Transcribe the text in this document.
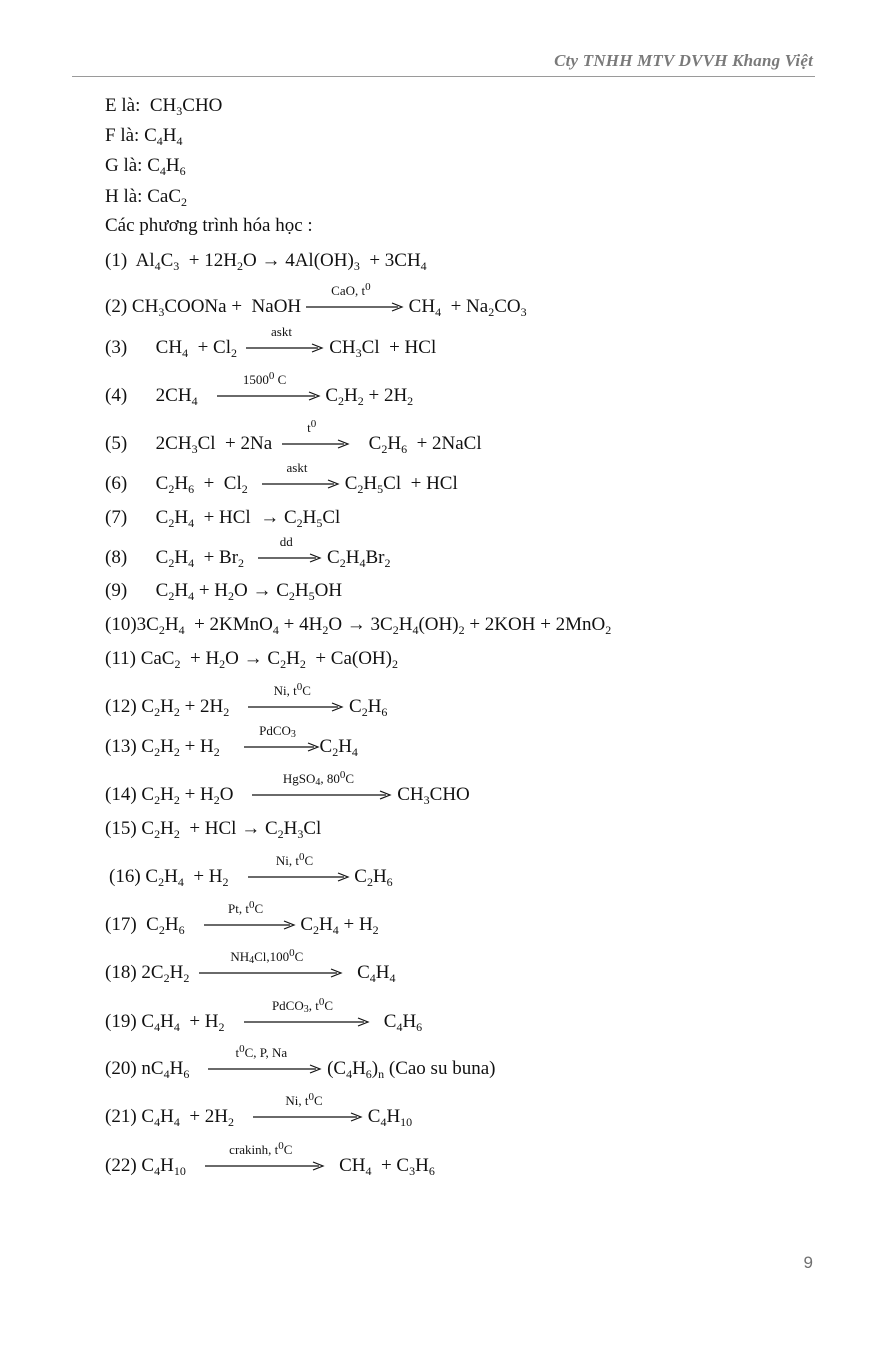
Cty TNHH MTV DVVH Khang Việt
E là:  $CH_3CHO$
F là: $C_4H_4$
G là: $C_4H_6$
H là: CaC$_2$
Các phương trình hóa học :
(1)  $Al_4C_3 + 12H_2O \to 4Al(OH)_3 + 3CH_4$
(2) $CH_3COONa$ +  NaOH
CaO, $t^0$
$CH_4 + Na_2CO_3$
(3)      $CH_4 + Cl_2$
askt
$CH_3Cl$  + HCl
(4)      $2CH_4$
1500$^0$ C
$C_2H_2 + 2H_2$
(5)      $2CH_3Cl + 2Na$
$t^0$
$C_2H_6$  + 2NaCl
(6)      $C_2H_6 + Cl_2$
askt
$C_2H_5Cl$  + HCl
(7)      $C_2H_4$  + HCl  → $C_2H_5Cl$
(8)      $C_2H_4 + Br_2$
dd
$C_2H_4Br_2$
(9)      $C_2H_4 + H_2O \to C_2H_5OH$
$(10)3C_2H_4$  + 2KMnO$_4$ + $4H_2O \to 3C_2H_4(OH)_2 + 2KOH + 2MnO_2$
(11) $CaC_2 + H_2O \to C_2H_2 + Ca(OH)_2$
(12) $C_2H_2 + 2H_2$
Ni, $t^0C$
$C_2H_6$
(13) $C_2H_2 + H_2$
PdCO$_3$
$C_2H_4$
(14) $C_2H_2 + H_2O$
HgSO$_4$, $80^0C$
$CH_3CHO$
(15) $C_2H_2$  + HCl → $C_2H_3Cl$
(16) $C_2H_4 + H_2$
Ni, $t^0C$
$C_2H_6$
(17)  $C_2H_6$
Pt, $t^0C$
$C_2H_4 + H_2$
(18) $2C_2H_2$
$NH_4Cl,100^0C$
$C_4H_4$
(19) $C_4H_4 + H_2$
PdCO$_3$, $t^0C$
$C_4H_6$
(20) $nC_4H_6$
$t^0C$, P, Na
$(C_4H_6)_n$ (Cao su buna)
(21) $C_4H_4 + 2H_2$
Ni, $t^0C$
$C_4H_{10}$
(22) $C_4H_{10}$
crakinh, $t^0C$
$CH_4 + C_3H_6$
9
